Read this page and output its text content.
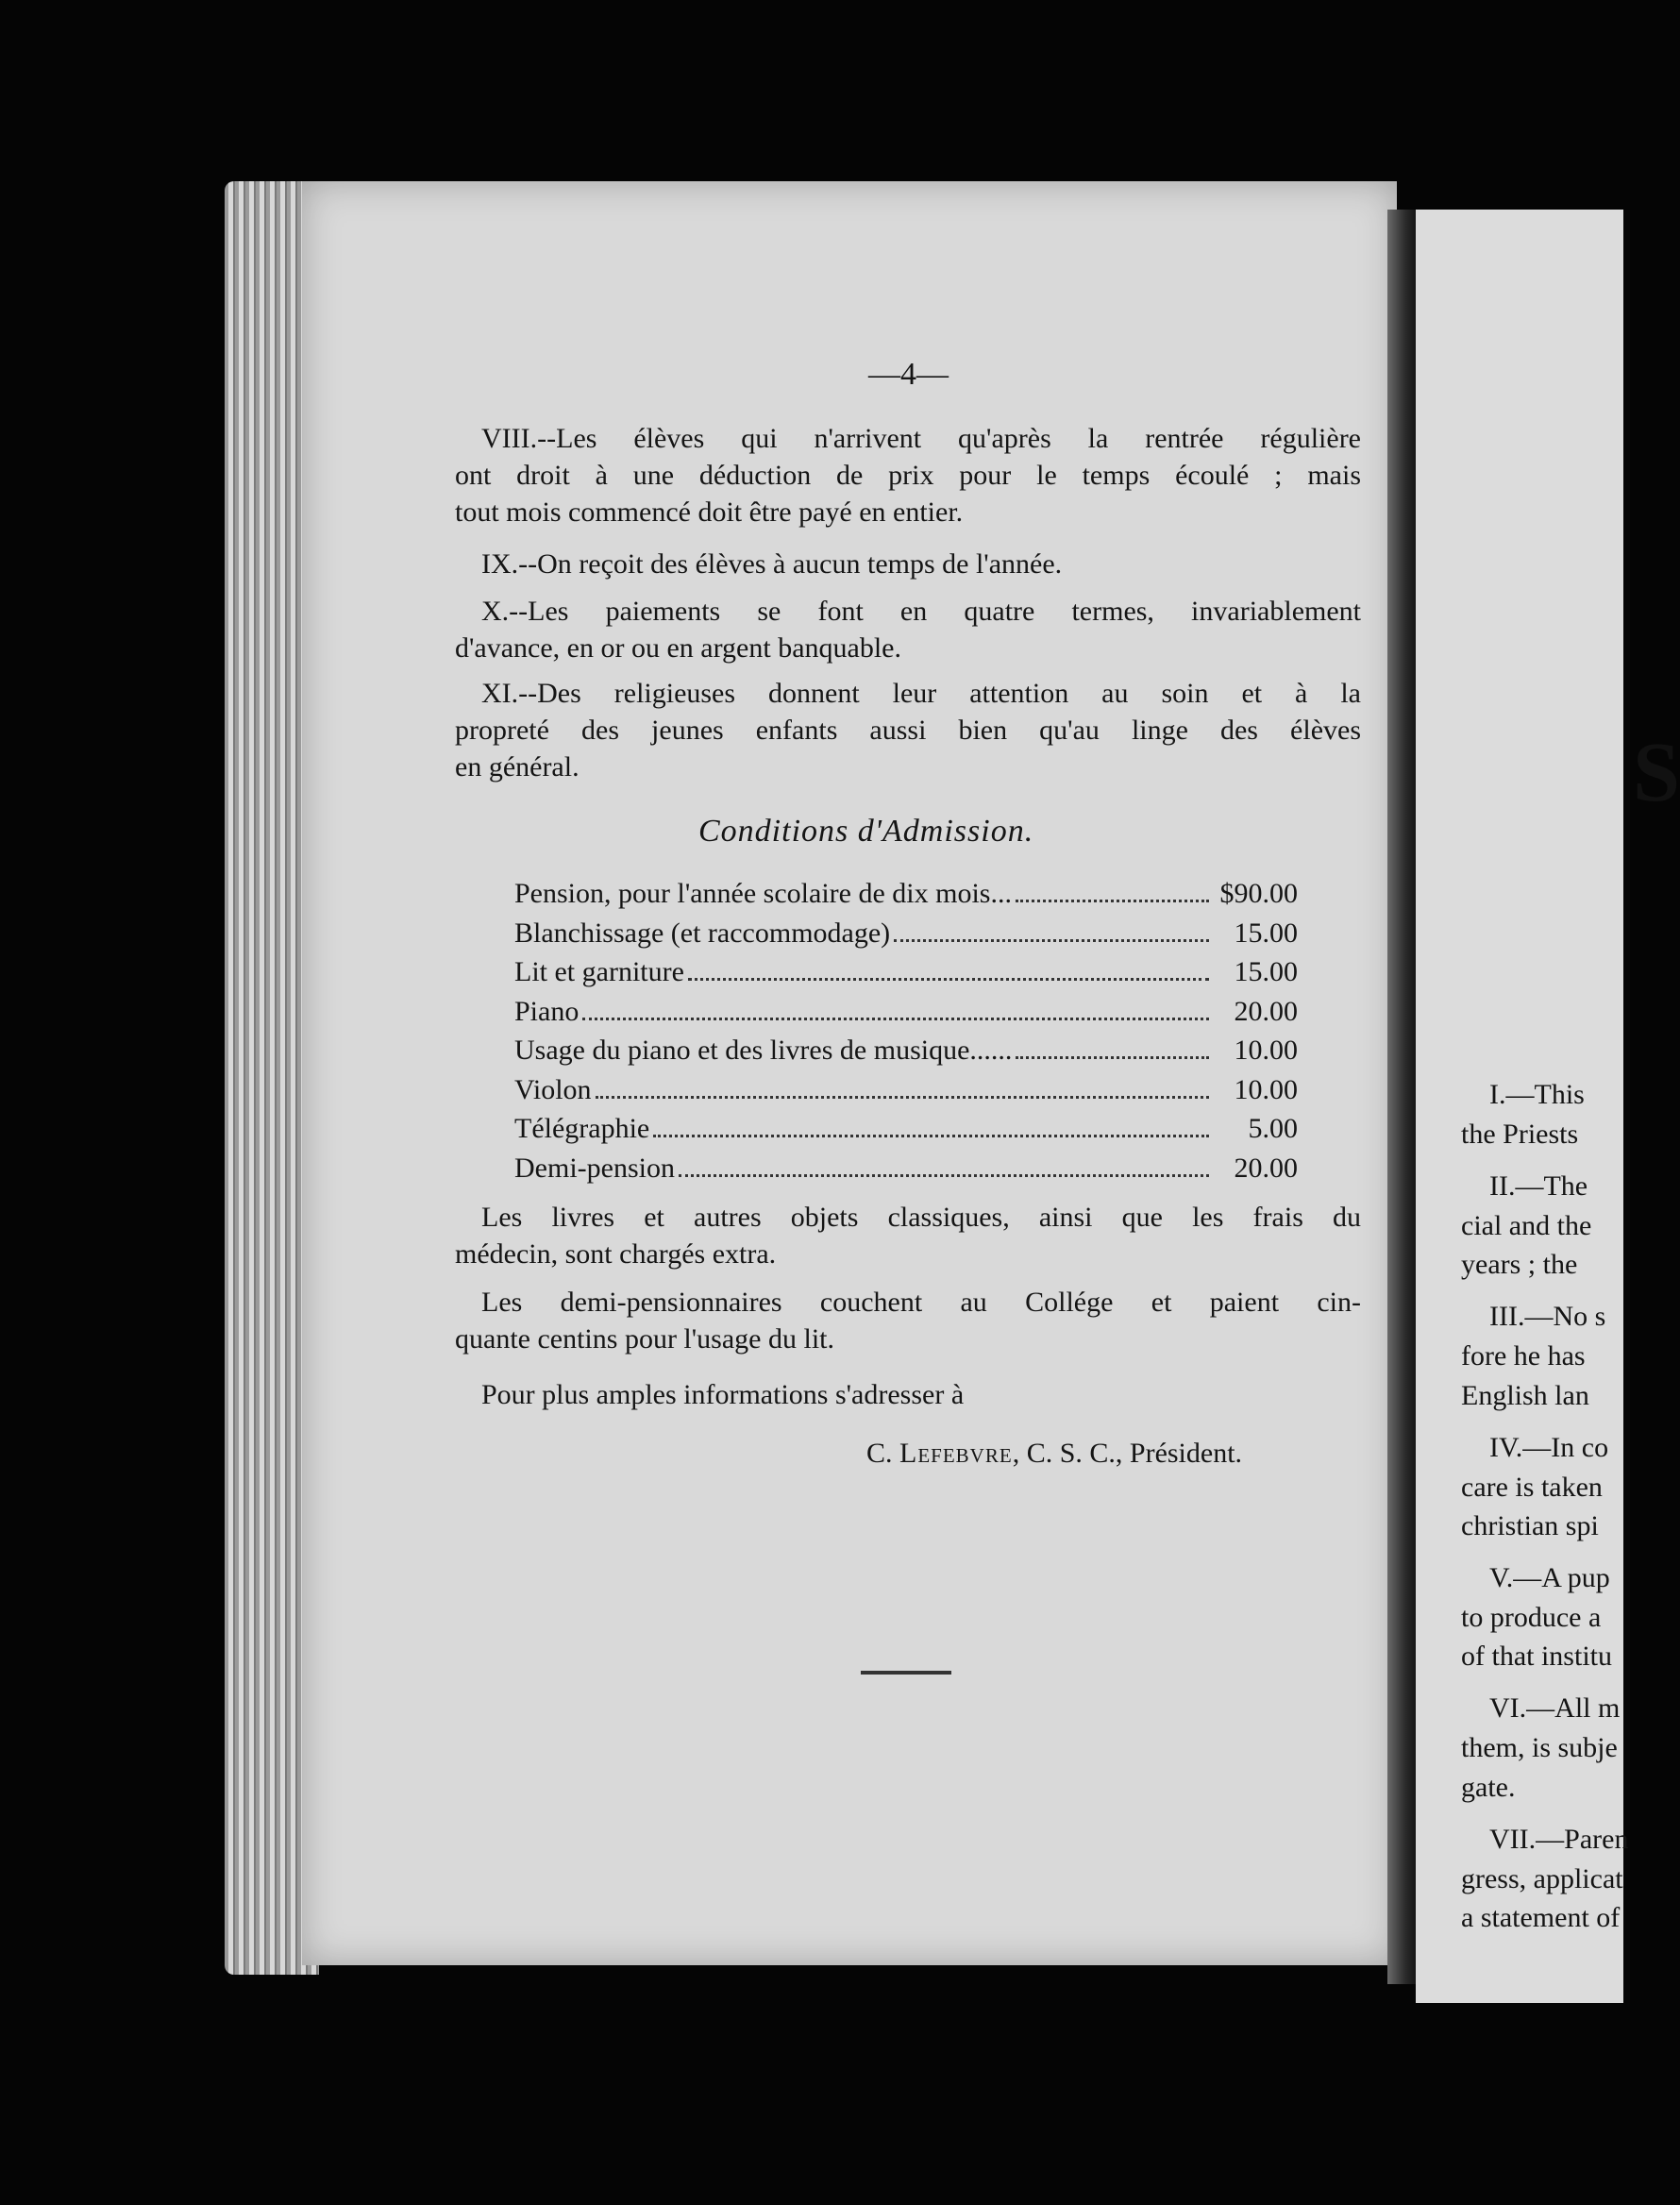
S
I.—This
the Priests
II.—The
cial and the
years ; the
III.—No s
fore he has
English lan
IV.—In co
care is taken
christian spi
V.—A pup
to produce a
of that institu
VI.—All m
them, is subje
gate.
VII.—Paren
gress, applicat
a statement of
—4—
VIII.--Les élèves qui n'arrivent qu'après la rentrée régulière
ont droit à une déduction de prix pour le temps écoulé ; mais
tout mois commencé doit être payé en entier.
IX.--On reçoit des élèves à aucun temps de l'année.
X.--Les paiements se font en quatre termes, invariablement
d'avance, en or ou en argent banquable.
XI.--Des religieuses donnent leur attention au soin et à la
propreté des jeunes enfants aussi bien qu'au linge des élèves
en général.
Conditions d'Admission.
Pension, pour l'année scolaire de dix mois...	$90.00
Blanchissage (et raccommodage)	15.00
Lit et garniture	15.00
Piano	20.00
Usage du piano et des livres de musique......	10.00
Violon	10.00
Télégraphie	5.00
Demi-pension	20.00
Les livres et autres objets classiques, ainsi que les frais du
médecin, sont chargés extra.
Les demi-pensionnaires couchent au Collége et paient cin-
quante centins pour l'usage du lit.
Pour plus amples informations s'adresser à
C. Lefebvre, C. S. C., Président.
